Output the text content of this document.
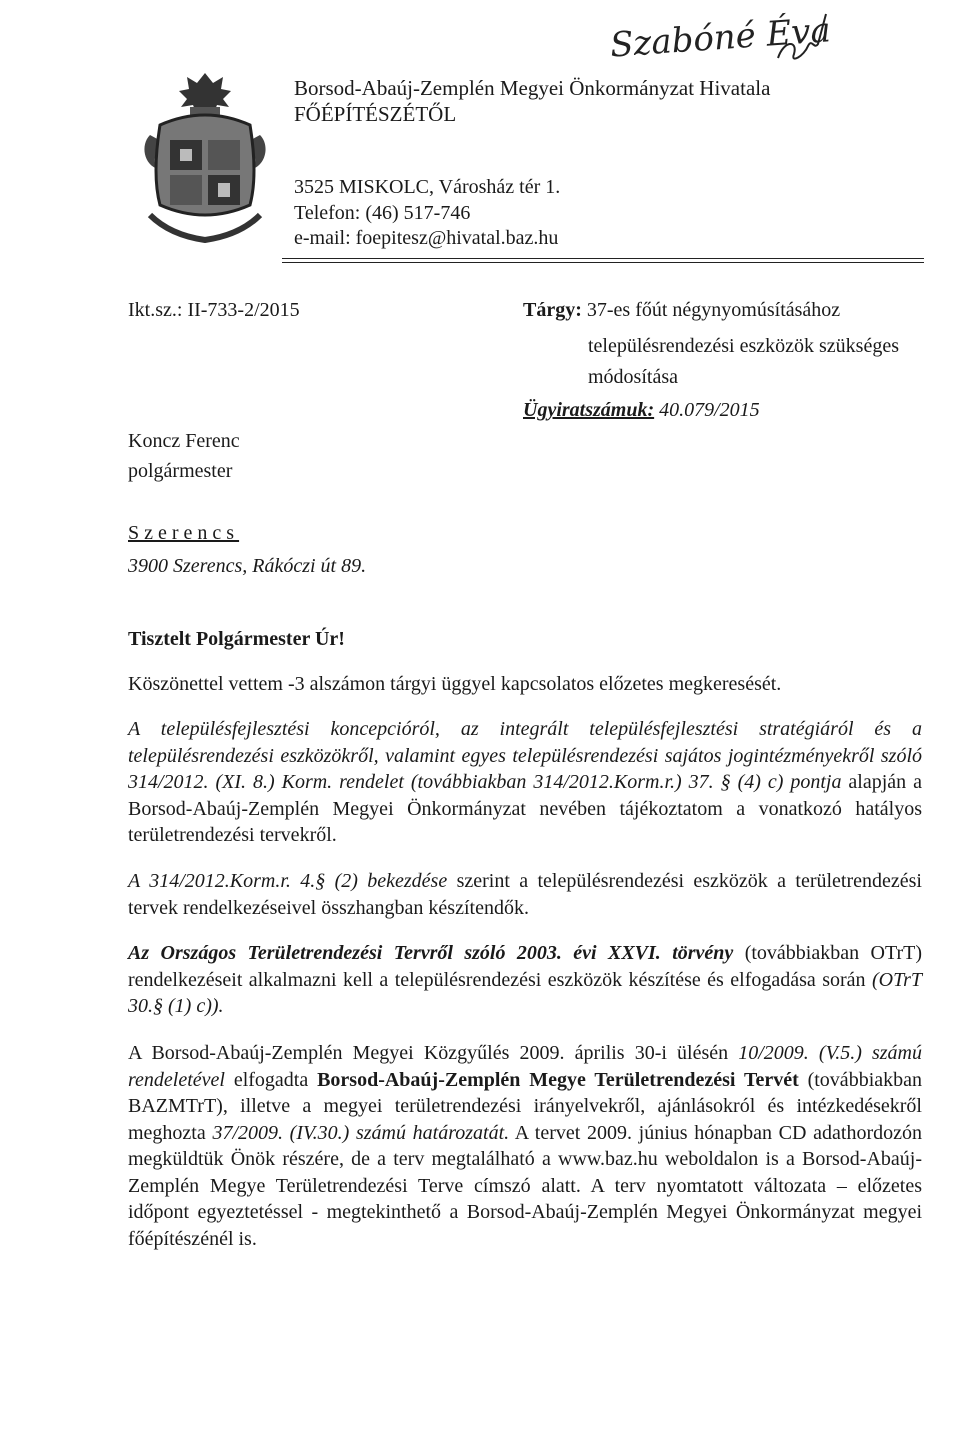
Szabóné Éva
Borsod-Abaúj-Zemplén Megyei Önkormányzat Hivatala
FŐÉPÍTÉSZÉTŐL
3525 MISKOLC, Városház tér 1.
Telefon: (46) 517-746
e-mail: foepitesz@hivatal.baz.hu
Ikt.sz.: II-733-2/2015	Tárgy: 37-es főút négynyomúsításához
településrendezési eszközök szükséges
módosítása
Ügyiratszámuk: 40.079/2015
Koncz Ferenc
polgármester
Szerencs
3900 Szerencs, Rákóczi út 89.
Tisztelt Polgármester Úr!
Köszönettel vettem -3 alszámon tárgyi üggyel kapcsolatos előzetes megkeresését.

A településfejlesztési koncepcióról, az integrált településfejlesztési stratégiáról és a településrendezési eszközökről, valamint egyes településrendezési sajátos jogintézményekről szóló 314/2012. (XI. 8.) Korm. rendelet (továbbiakban 314/2012.Korm.r.) 37. § (4) c) pontja alapján a Borsod-Abaúj-Zemplén Megyei Önkormányzat nevében tájékoztatom a vonatkozó hatályos területrendezési tervekről.

A 314/2012.Korm.r. 4.§ (2) bekezdése szerint a településrendezési eszközök a területrendezési tervek rendelkezéseivel összhangban készítendők.

Az Országos Területrendezési Tervről szóló 2003. évi XXVI. törvény (továbbiakban OTrT) rendelkezéseit alkalmazni kell a településrendezési eszközök készítése és elfogadása során (OTrT 30.§ (1) c)).

A Borsod-Abaúj-Zemplén Megyei Közgyűlés 2009. április 30-i ülésén 10/2009. (V.5.) számú rendeletével elfogadta Borsod-Abaúj-Zemplén Megye Területrendezési Tervét (továbbiakban BAZMTrT), illetve a megyei területrendezési irányelvekről, ajánlásokról és intézkedésekről meghozta 37/2009. (IV.30.) számú határozatát. A tervet 2009. június hónapban CD adathordozón megküldtük Önök részére, de a terv megtalálható a www.baz.hu weboldalon is a Borsod-Abaúj-Zemplén Megye Területrendezési Terve címszó alatt. A terv nyomtatott változata – előzetes időpont egyeztetéssel - megtekinthető a Borsod-Abaúj-Zemplén Megyei Önkormányzat megyei főépítészénél is.
